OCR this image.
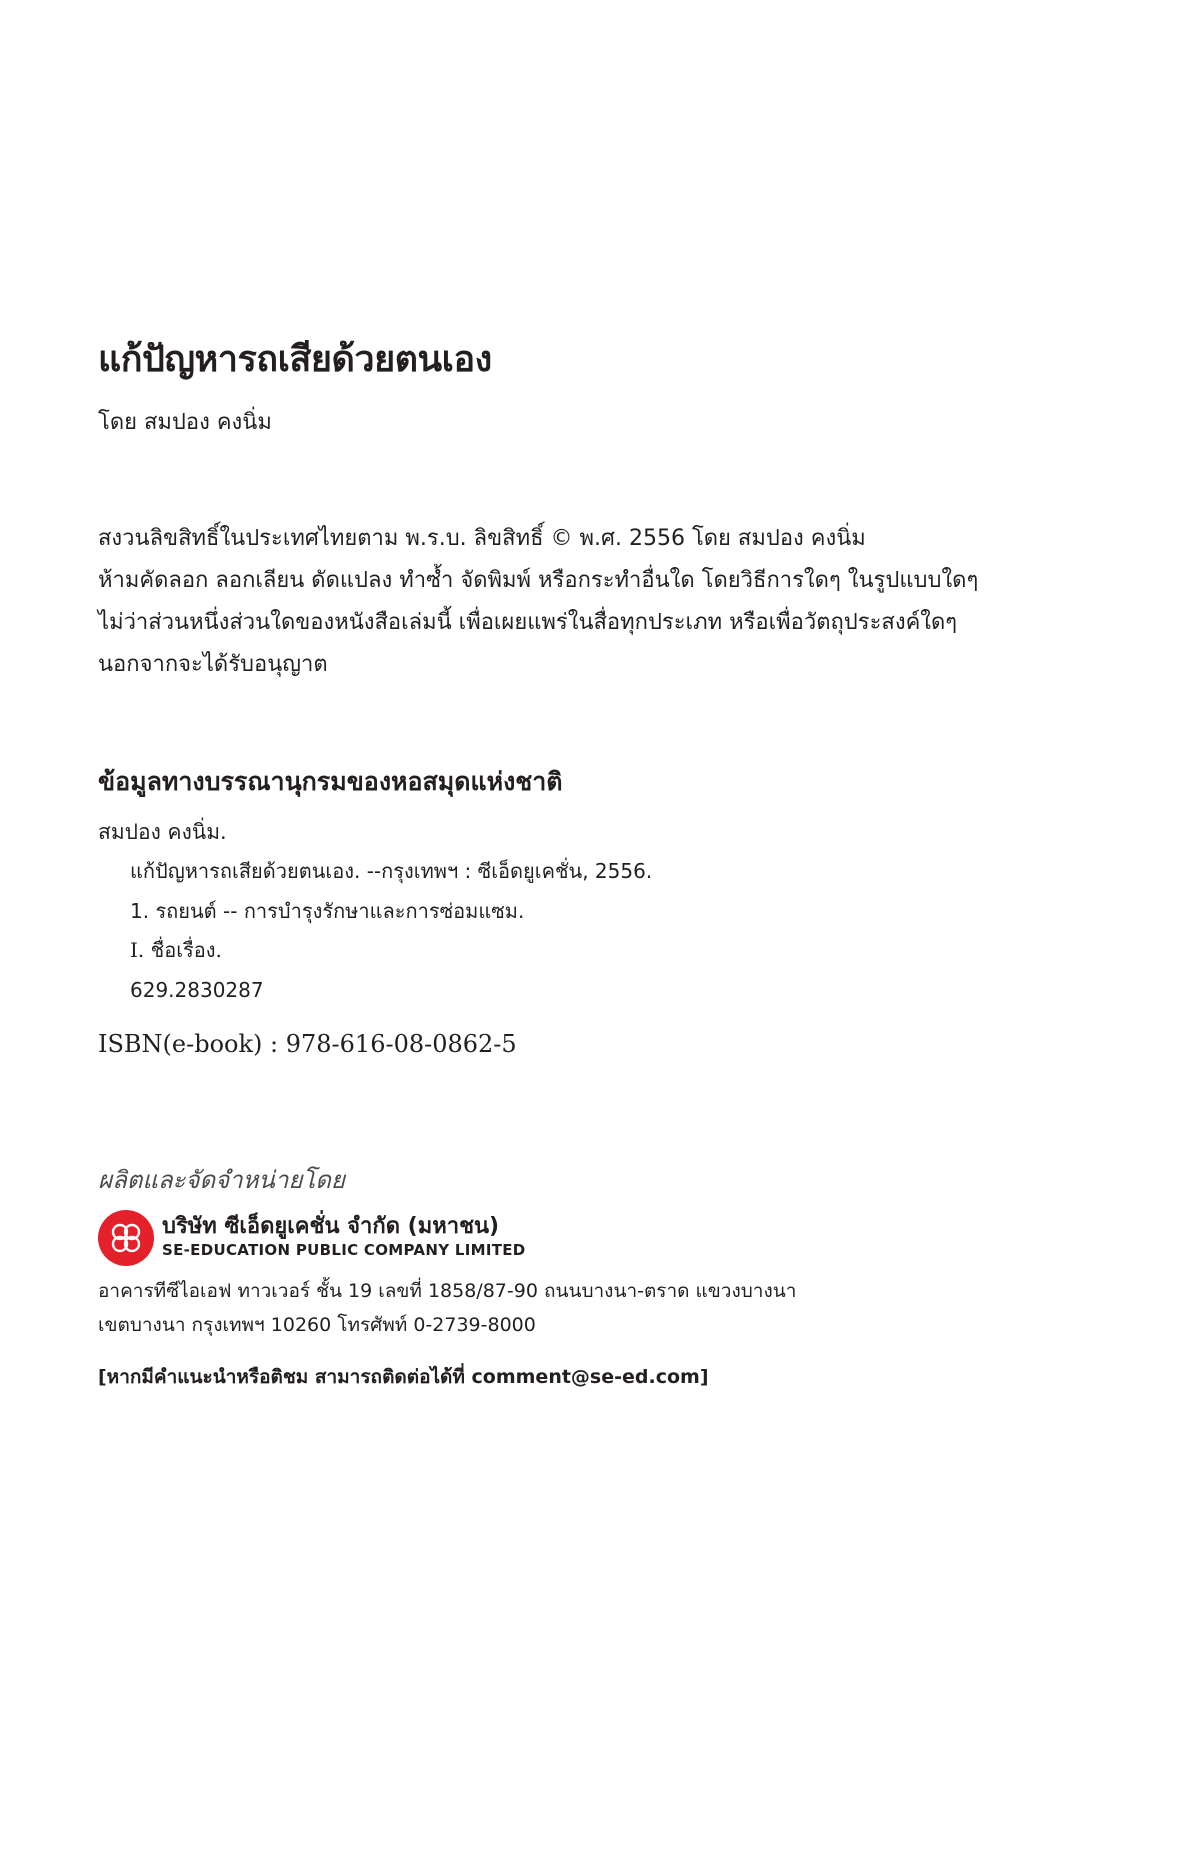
แก้ปัญหารถเสียด้วยตนเอง
โดย สมปอง คงนิ่ม
สงวนลิขสิทธิ์ในประเทศไทยตาม พ.ร.บ. ลิขสิทธิ์ © พ.ศ. 2556 โดย สมปอง คงนิ่ม
ห้ามคัดลอก ลอกเลียน ดัดแปลง ทำซ้ำ จัดพิมพ์ หรือกระทำอื่นใด โดยวิธีการใดๆ ในรูปแบบใดๆ
ไม่ว่าส่วนหนึ่งส่วนใดของหนังสือเล่มนี้ เพื่อเผยแพร่ในสื่อทุกประเภท หรือเพื่อวัตถุประสงค์ใดๆ
นอกจากจะได้รับอนุญาต
ข้อมูลทางบรรณานุกรมของหอสมุดแห่งชาติ
สมปอง คงนิ่ม.
แก้ปัญหารถเสียด้วยตนเอง. --กรุงเทพฯ : ซีเอ็ดยูเคชั่น, 2556.
1. รถยนต์ -- การบำรุงรักษาและการซ่อมแซม.
I. ชื่อเรื่อง.
629.2830287
ISBN(e-book) : 978-616-08-0862-5
ผลิตและจัดจำหน่ายโดย
บริษัท ซีเอ็ดยูเคชั่น จำกัด (มหาชน)
SE-EDUCATION PUBLIC COMPANY LIMITED
อาคารทีซีไอเอฟ ทาวเวอร์ ชั้น 19 เลขที่ 1858/87-90 ถนนบางนา-ตราด แขวงบางนา
เขตบางนา กรุงเทพฯ 10260 โทรศัพท์ 0-2739-8000
[หากมีคำแนะนำหรือติชม สามารถติดต่อได้ที่ comment@se-ed.com]
